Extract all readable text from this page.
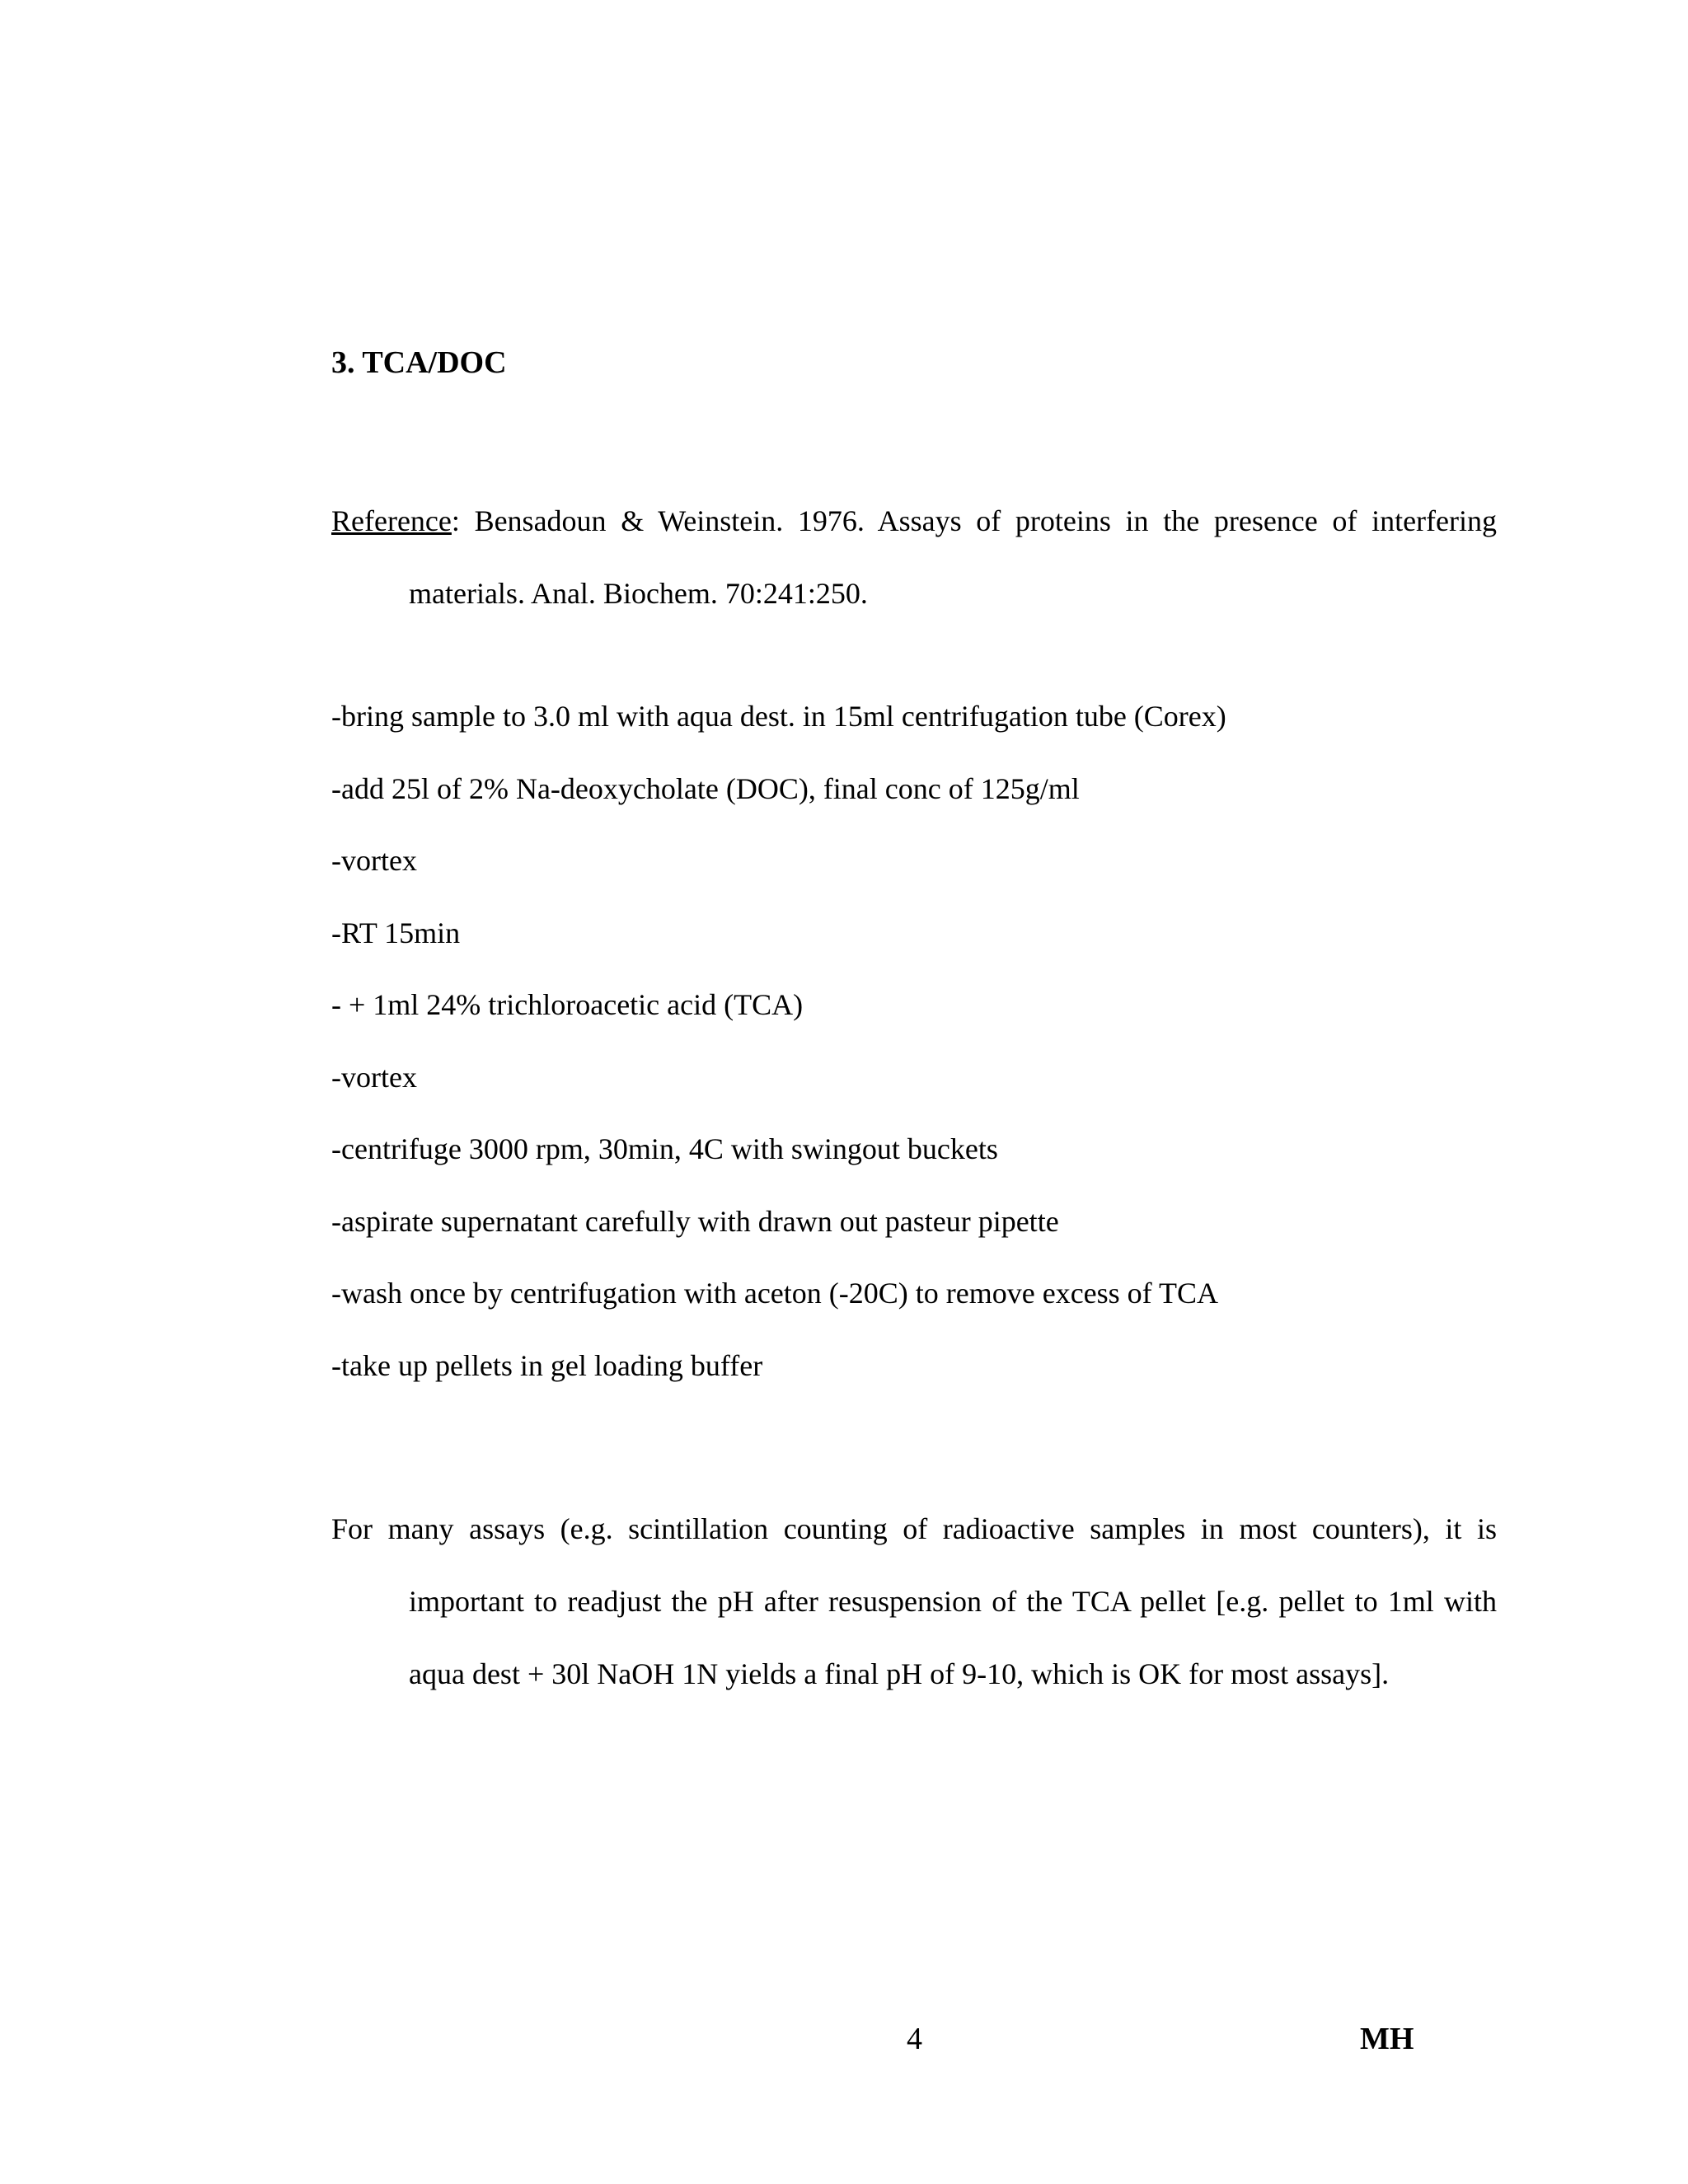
3. TCA/DOC
Reference: Bensadoun & Weinstein. 1976. Assays of proteins in the presence of interfering materials. Anal. Biochem. 70:241:250.
-bring sample to 3.0 ml with aqua dest. in 15ml centrifugation tube (Corex)
-add 25l of 2% Na-deoxycholate (DOC), final conc of 125g/ml
-vortex
-RT 15min
- + 1ml 24% trichloroacetic acid (TCA)
-vortex
-centrifuge 3000 rpm, 30min, 4C with swingout buckets
-aspirate supernatant carefully with drawn out pasteur pipette
-wash once by centrifugation with aceton (-20C) to remove excess of TCA
-take up pellets in gel loading buffer
For many assays (e.g. scintillation counting of radioactive samples in most counters), it is important to readjust the pH after resuspension of the TCA pellet [e.g. pellet to 1ml with aqua dest + 30l NaOH 1N yields a final pH of 9-10, which is OK for most assays].
4	MH
